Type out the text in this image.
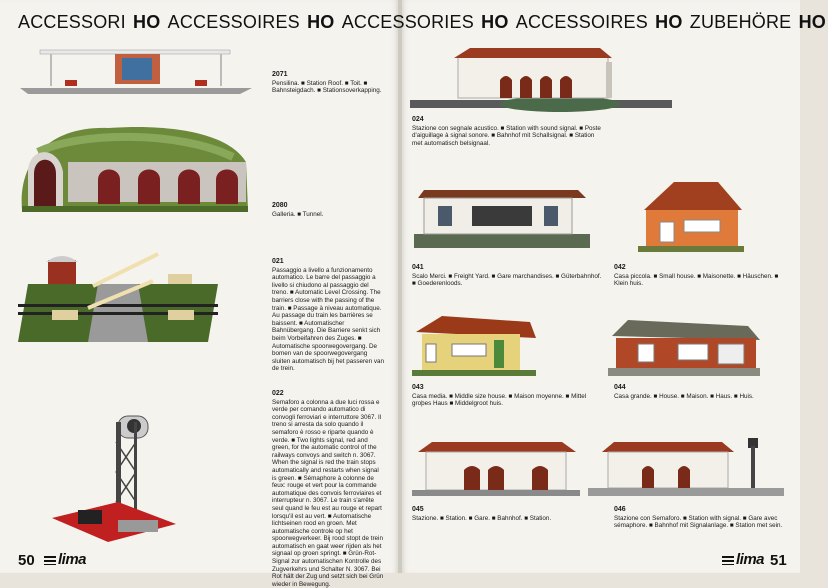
ACCESSORI HO ACCESSOIRES HO ACCESSORIES HO ACCESSOIRES HO ZUBEHÖRE HO
2071
Pensilina. ■ Station Roof. ■ Toit. ■ Bahnsteigdach. ■ Stationsoverkapping.
2080
Galleria. ■ Tunnel.
021
Passaggio a livello a funzionamento automatico. Le barre del passaggio a livello si chiudono al passaggio del treno. ■ Automatic Level Crossing. The barriers close with the passing of the train. ■ Passage à niveau automatique. Au passage du train les barrières se baissent. ■ Automatischer Bahnübergang. Die Barriere senkt sich beim Vorbeifahren des Zuges. ■ Automatische spoorwegovergang. De bomen van de spoorwegovergang sluiten automatisch bij het passeren van de trein.
022
Semaforo a colonna a due luci rossa e verde per comando automatico di convogli ferroviari e interruttore 3067. Il treno si arresta da solo quando il semaforo è rosso e riparte quando è verde. ■ Two lights signal, red and green, for the automatic control of the railways convoys and switch n. 3067. When the signal is red the train stops automatically and restarts when signal is green. ■ Sémaphore à colonne de feux: rouge et vert pour la commande automatique des convois ferroviaires et interrupteur n. 3067. Le train s'arrête seul quand le feu est au rouge et repart lorsqu'il est au vert. ■ Automatische lichtseinen rood en groen. Met automatische controle op het spoorwegverkeer. Bij rood stopt de trein automatisch en gaat weer rijden als het signaal op groen springt. ■ Grün-Rot-Signal zur automatischen Kontrolle des Zugverkehrs und Schalter N. 3067. Bei Rot hält der Zug und setzt sich bei Grün wieder in Bewegung.
024
Stazione con segnale acustico. ■ Station with sound signal. ■ Poste d'aiguillage à signal sonore. ■ Bahnhof mit Schallsignal. ■ Station met automatisch belsignaal.
041
Scalo Merci. ■ Freight Yard. ■ Gare marchandises. ■ Güterbahnhof. ■ Goederenloods.
042
Casa piccola. ■ Small house. ■ Maisonette. ■ Häuschen. ■ Klein huis.
043
Casa media. ■ Middle size house. ■ Maison moyenne. ■ Mittel groþes Haus ■ Middelgroot huis.
044
Casa grande. ■ House. ■ Maison. ■ Haus. ■ Huis.
045
Stazione. ■ Station. ■ Gare. ■ Bahnhof. ■ Station.
046
Stazione con Semaforo. ■ Station with signal. ■ Gare avec sémaphore. ■ Bahnhof mit Signalanlage. ■ Station met sein.
50	lima	lima 51
